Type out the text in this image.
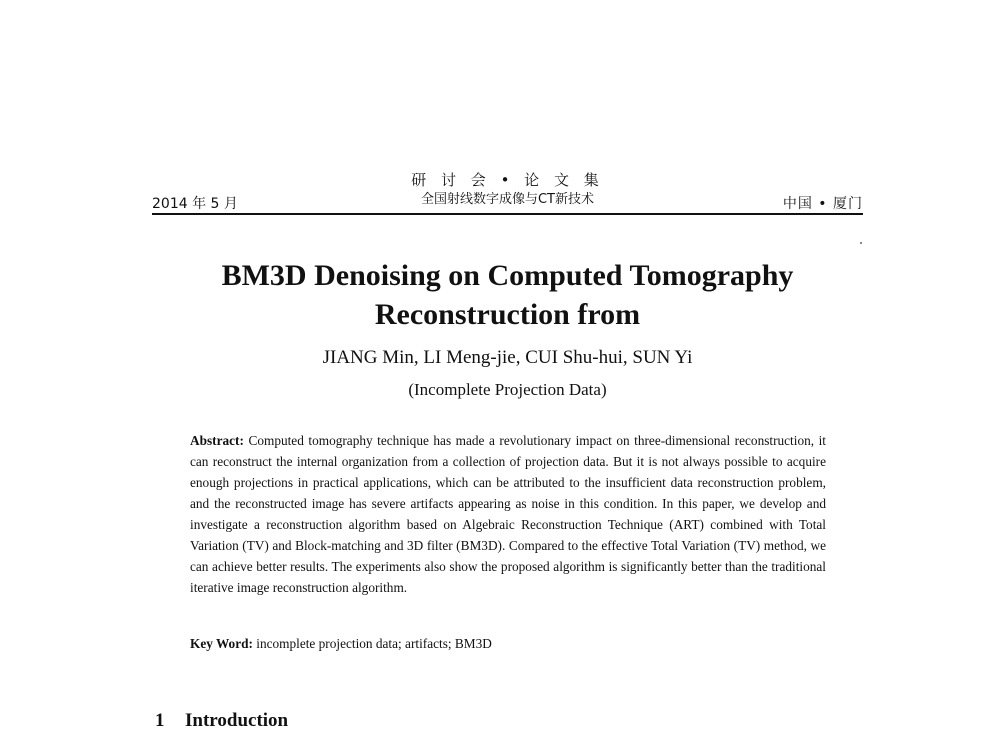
研 讨 会 • 论 文 集
全国射线数字成像与CT新技术
2014 年 5 月	中国 • 厦门
BM3D Denoising on Computed Tomography
Reconstruction from
JIANG Min, LI Meng-jie, CUI Shu-hui, SUN Yi
(Incomplete Projection Data)
Abstract: Computed tomography technique has made a revolutionary impact on three-dimensional reconstruction, it can reconstruct the internal organization from a collection of projection data. But it is not always possible to acquire enough projections in practical applications, which can be attributed to the insufficient data reconstruction problem, and the reconstructed image has severe artifacts appearing as noise in this condition. In this paper, we develop and investigate a reconstruction algorithm based on Algebraic Reconstruction Technique (ART) combined with Total Variation (TV) and Block-matching and 3D filter (BM3D). Compared to the effective Total Variation (TV) method, we can achieve better results. The experiments also show the proposed algorithm is significantly better than the traditional iterative image reconstruction algorithm.
Key Word: incomplete projection data; artifacts; BM3D
1 Introduction
